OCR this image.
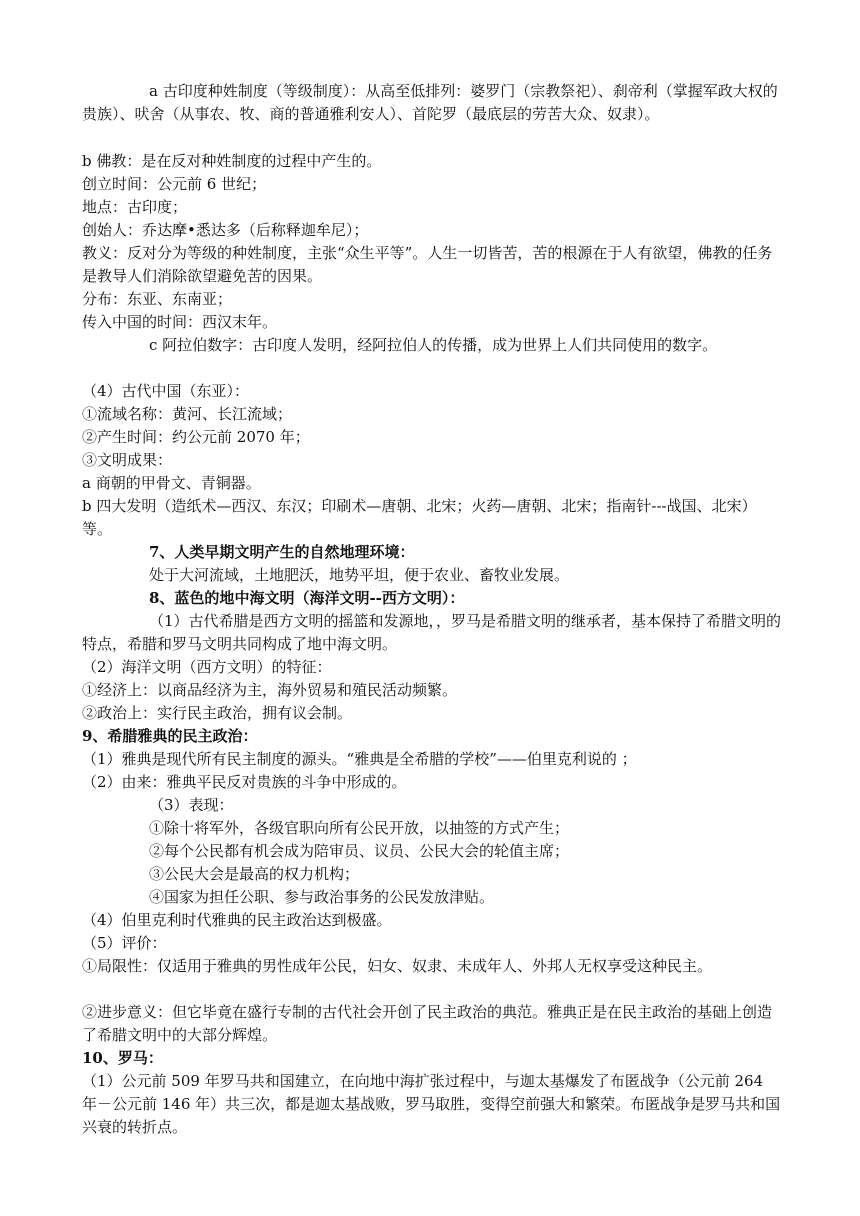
a 古印度种姓制度（等级制度）：从高至低排列：婆罗门（宗教祭祀）、刹帝利（掌握军政大权的贵族）、吠舍（从事农、牧、商的普通雅利安人）、首陀罗（最底层的劳苦大众、奴隶）。
b 佛教：是在反对种姓制度的过程中产生的。
创立时间：公元前 6 世纪；
地点：古印度；
创始人：乔达摩•悉达多（后称释迦牟尼）；
教义：反对分为等级的种姓制度，主张“众生平等”。人生一切皆苦，苦的根源在于人有欲望，佛教的任务是教导人们消除欲望避免苦的因果。
分布：东亚、东南亚；
传入中国的时间：西汉末年。
c 阿拉伯数字：古印度人发明，经阿拉伯人的传播，成为世界上人们共同使用的数字。
（4）古代中国（东亚）：
①流域名称：黄河、长江流域；
②产生时间：约公元前 2070 年；
③文明成果：
a 商朝的甲骨文、青铜器。
b 四大发明（造纸术—西汉、东汉；印刷术—唐朝、北宋；火药—唐朝、北宋；指南针---战国、北宋）等。
7、人类早期文明产生的自然地理环境：
处于大河流域，土地肥沃，地势平坦，便于农业、畜牧业发展。
8、蓝色的地中海文明（海洋文明--西方文明）：
（1）古代希腊是西方文明的摇篮和发源地，，罗马是希腊文明的继承者，基本保持了希腊文明的特点，希腊和罗马文明共同构成了地中海文明。
（2）海洋文明（西方文明）的特征：
①经济上：以商品经济为主，海外贸易和殖民活动频繁。
②政治上：实行民主政治，拥有议会制。
9、希腊雅典的民主政治：
（1）雅典是现代所有民主制度的源头。“雅典是全希腊的学校”——伯里克利说的 ；
（2）由来：雅典平民反对贵族的斗争中形成的。
（3）表现：
①除十将军外，各级官职向所有公民开放，以抽签的方式产生；
②每个公民都有机会成为陪审员、议员、公民大会的轮值主席；
③公民大会是最高的权力机构；
④国家为担任公职、参与政治事务的公民发放津贴。
（4）伯里克利时代雅典的民主政治达到极盛。
（5）评价：
①局限性：仅适用于雅典的男性成年公民，妇女、奴隶、未成年人、外邦人无权享受这种民主。
②进步意义：但它毕竟在盛行专制的古代社会开创了民主政治的典范。雅典正是在民主政治的基础上创造了希腊文明中的大部分辉煌。
10、罗马：
（1）公元前 509 年罗马共和国建立，在向地中海扩张过程中，与迦太基爆发了布匿战争（公元前 264 年－公元前 146 年）共三次，都是迦太基战败，罗马取胜，变得空前强大和繁荣。布匿战争是罗马共和国兴衰的转折点。
